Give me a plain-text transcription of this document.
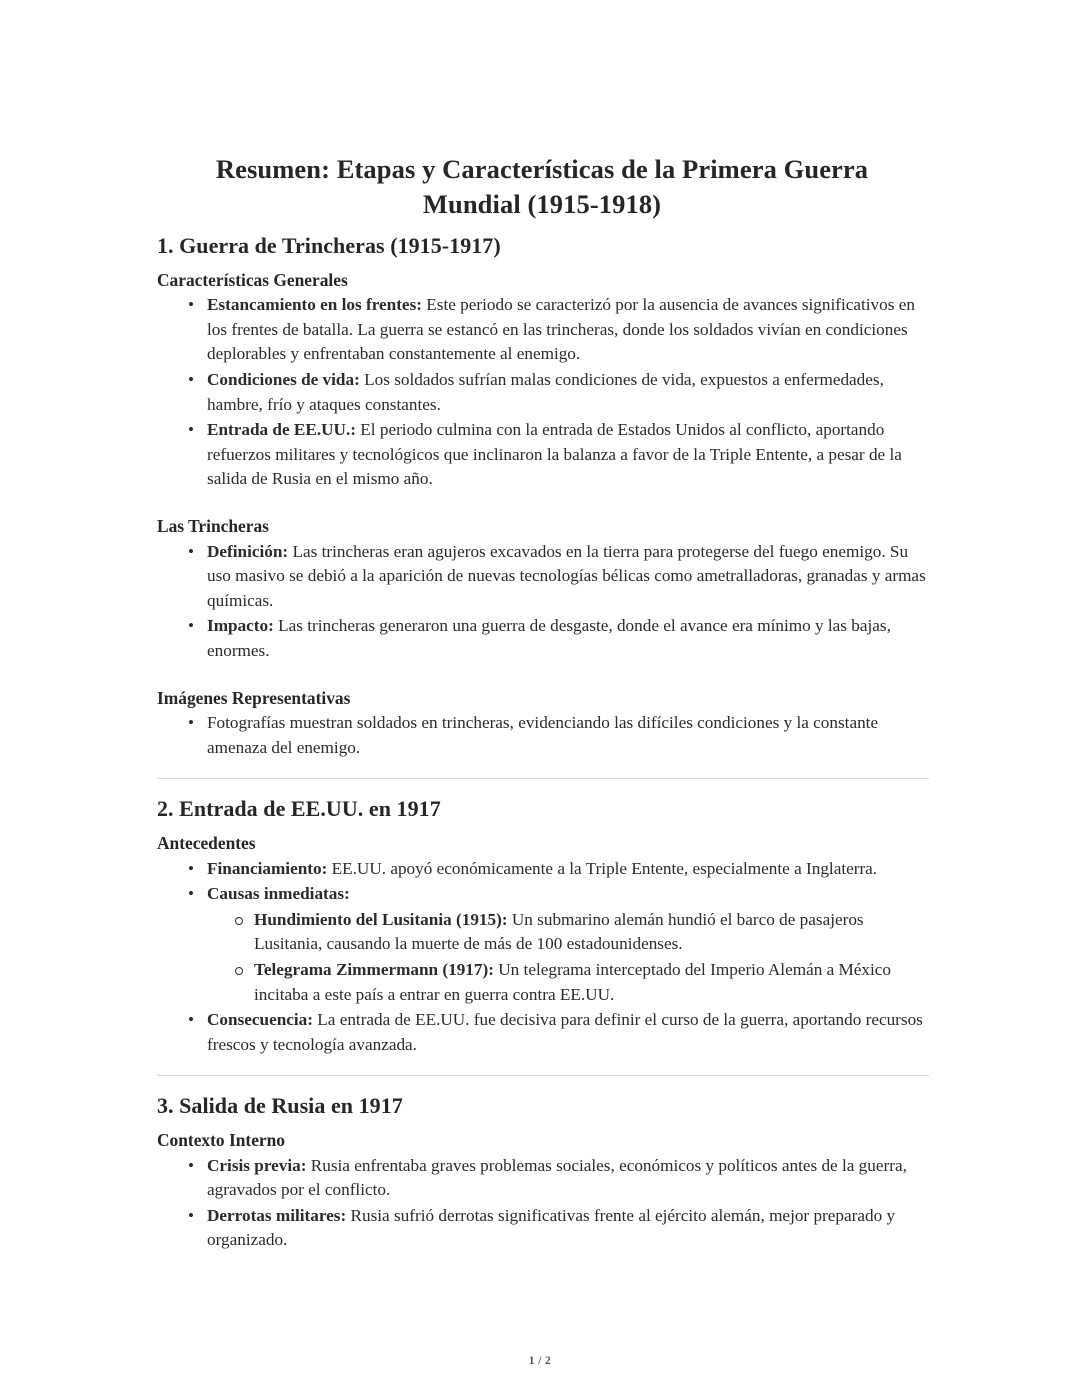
Resumen: Etapas y Características de la Primera Guerra Mundial (1915-1918)
1. Guerra de Trincheras (1915-1917)
Características Generales
• Estancamiento en los frentes: Este periodo se caracterizó por la ausencia de avances significativos en los frentes de batalla. La guerra se estancó en las trincheras, donde los soldados vivían en condiciones deplorables y enfrentaban constantemente al enemigo.
• Condiciones de vida: Los soldados sufrían malas condiciones de vida, expuestos a enfermedades, hambre, frío y ataques constantes.
• Entrada de EE.UU.: El periodo culmina con la entrada de Estados Unidos al conflicto, aportando refuerzos militares y tecnológicos que inclinaron la balanza a favor de la Triple Entente, a pesar de la salida de Rusia en el mismo año.
Las Trincheras
• Definición: Las trincheras eran agujeros excavados en la tierra para protegerse del fuego enemigo. Su uso masivo se debió a la aparición de nuevas tecnologías bélicas como ametralladoras, granadas y armas químicas.
• Impacto: Las trincheras generaron una guerra de desgaste, donde el avance era mínimo y las bajas, enormes.
Imágenes Representativas
• Fotografías muestran soldados en trincheras, evidenciando las difíciles condiciones y la constante amenaza del enemigo.
2. Entrada de EE.UU. en 1917
Antecedentes
• Financiamiento: EE.UU. apoyó económicamente a la Triple Entente, especialmente a Inglaterra.
• Causas inmediatas:
Hundimiento del Lusitania (1915): Un submarino alemán hundió el barco de pasajeros Lusitania, causando la muerte de más de 100 estadounidenses.
Telegrama Zimmermann (1917): Un telegrama interceptado del Imperio Alemán a México incitaba a este país a entrar en guerra contra EE.UU.
• Consecuencia: La entrada de EE.UU. fue decisiva para definir el curso de la guerra, aportando recursos frescos y tecnología avanzada.
3. Salida de Rusia en 1917
Contexto Interno
• Crisis previa: Rusia enfrentaba graves problemas sociales, económicos y políticos antes de la guerra, agravados por el conflicto.
• Derrotas militares: Rusia sufrió derrotas significativas frente al ejército alemán, mejor preparado y organizado.
1 / 2
